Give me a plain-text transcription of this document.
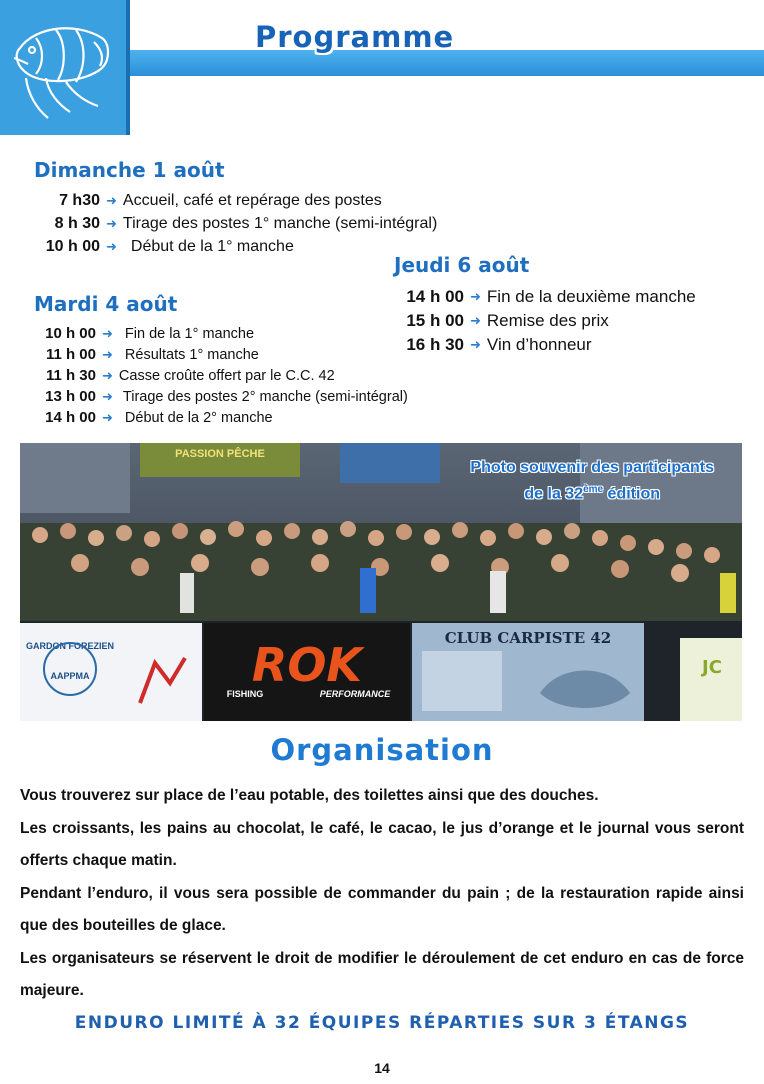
Programme
Dimanche 1 août
7 h30 ➜ Accueil, café et repérage des postes
8 h 30 ➜ Tirage des postes 1° manche (semi-intégral)
10 h 00 ➜ Début de la 1° manche
Mardi 4 août
10 h 00 ➜ Fin de la 1° manche
11 h 00 ➜ Résultats 1° manche
11 h 30 ➜ Casse croûte offert par le C.C. 42
13 h 00 ➜ Tirage des postes 2° manche (semi-intégral)
14 h 00 ➜ Début de la 2° manche
Jeudi 6 août
14 h 00 ➜ Fin de la deuxième manche
15 h 00 ➜ Remise des prix
16 h 30 ➜ Vin d’honneur
PASSION PÊCHE
GARDON FOREZIEN
AAPPMA	ROK
FISHING	PERFORMANCE
CLUB CARPISTE 42
JC
Photo souvenir des participants
de la 32ème édition
Organisation

Vous trouverez sur place de l’eau potable, des toilettes ainsi que des douches.

Les croissants, les pains au chocolat, le café, le cacao, le jus d’orange et le journal vous seront offerts chaque matin.

Pendant l’enduro, il vous sera possible de commander du pain ; de la restauration rapide ainsi que des bouteilles de glace.

Les organisateurs se réservent le droit de modifier le déroulement de cet enduro en cas de force majeure.

ENDURO LIMITÉ À 32 ÉQUIPES RÉPARTIES SUR 3 ÉTANGS
14
